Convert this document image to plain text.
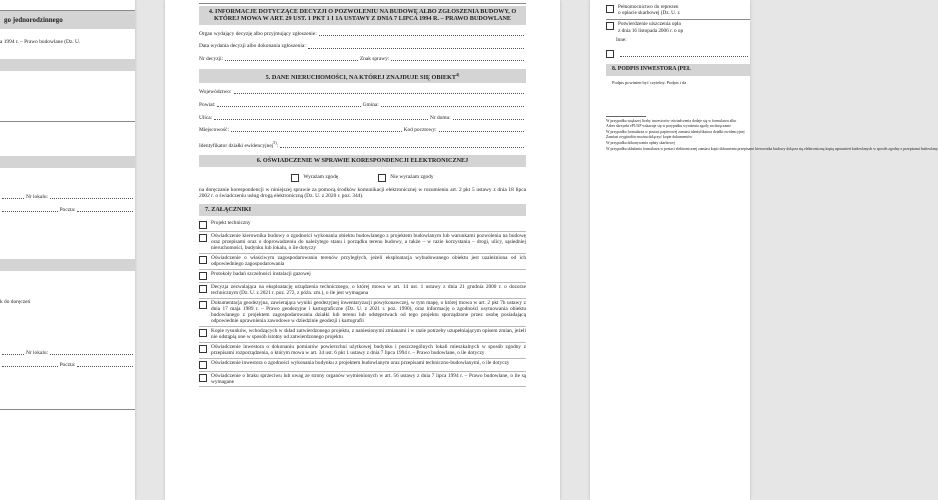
go jednorodzinnego
a 1994 r. – Prawo budowlane (Dz. U.
Nr lokalu:
Poczta:
k do doręczeń
Nr lokalu:
Poczta:
4. INFORMACJE DOTYCZĄCE DECYZJI O POZWOLENIU NA BUDOWĘ ALBO ZGŁOSZENIA BUDOWY, O KTÓREJ MOWA W ART. 29 UST. 1 PKT 1 I 1A USTAWY Z DNIA 7 LIPCA 1994 R. – PRAWO BUDOWLANE
Organ wydający decyzję albo przyjmujący zgłoszenie:
Data wydania decyzji albo dokonania zgłoszenia:
Nr decyzji:	Znak sprawy:
5. DANE NIERUCHOMOŚCI, NA KTÓREJ ZNAJDUJE SIĘ OBIEKT$^{4)}$
Województwo:
Powiat:	Gmina:
Ulica:	Nr domu:
Miejscowość:	Kod pocztowy:
Identyfikator działki ewidencyjnej$^{5)}$:
6. OŚWIADCZENIE W SPRAWIE KORESPONDENCJI ELEKTRONICZNEJ
Wyrażam zgodę	Nie wyrażam zgody
na doręczanie korespondencji w niniejszej sprawie za pomocą środków komunikacji elektronicznej w rozumieniu art. 2 pkt 5 ustawy z dnia 18 lipca 2002 r. o świadczeniu usług drogą elektroniczną (Dz. U. z 2020 r. poz. 344).
7. ZAŁĄCZNIKI
Projekt techniczny
Oświadczenie kierownika budowy o zgodności wykonania obiektu budowlanego z projektem budowlanym lub warunkami pozwolenia na budowę oraz przepisami oraz o doprowadzeniu do należytego stanu i porządku terenu budowy, a także – w razie korzystania – drogi, ulicy, sąsiedniej nieruchomości, budynku lub lokalu, o ile dotyczy
Oświadczenie o właściwym zagospodarowaniu terenów przyległych, jeżeli eksploatacja wybudowanego obiektu jest uzależniona od ich odpowiedniego zagospodarowania
Protokoły badań szczelności instalacji gazowej
Decyzja zezwalająca na eksploatację urządzenia technicznego, o której mowa w art. 14 ust. 1 ustawy z dnia 21 grudnia 2000 r. o dozorze technicznym (Dz. U. z 2021 r. poz. 272, z późn. zm.), o ile jest wymagana
Dokumentacja geodezyjna, zawierająca wyniki geodezyjnej inwentaryzacji powykonawczej, w tym mapę, o której mowa w art. 2 pkt 7b ustawy z dnia 17 maja 1989 r. – Prawo geodezyjne i kartograficzne (Dz. U. z 2021 r. poz. 1990), oraz informację o zgodności usytuowania obiektu budowlanego z projektem zagospodarowania działki lub terenu lub odstępstwach od tego projektu sporządzone przez osobę posiadającą odpowiednie uprawnienia zawodowe w dziedzinie geodezji i kartografii
Kopie rysunków, wchodzących w skład zatwierdzonego projektu, z naniesionymi zmianami i w razie potrzeby uzupełniającym opisem zmian, jeżeli nie odstąpią one w sposób istotny od zatwierdzonego projektu
Oświadczenie inwestora o dokonaniu pomiarów powierzchni użytkowej budynku i poszczególnych lokali mieszkalnych w sposób zgodny z przepisami rozporządzenia, o którym mowa w art. 34 ust. 6 pkt 1 ustawy z dnia 7 lipca 1994 r. – Prawo budowlane, o ile dotyczy
Oświadczenie inwestora o zgodności wykonania budynku z projektem budowlanym oraz przepisami techniczno-budowlanymi, o ile dotyczy
Oświadczenie o braku sprzeciwu lub uwag ze strony organów wymienionych w art. 56 ustawy z dnia 7 lipca 1994 r. – Prawo budowlane, o ile są wymagane
Pełnomocnictwo do reprezen
o opłacie skarbowej (Dz. U. z
Potwierdzenie uiszczenia opła
z dnia 16 listopada 2006 r. o op
Inne:
8. PODPIS INWESTORA (PEŁ
Podpis powinien być czytelny. Podpis i da
W przypadku większej liczby inwestorów oświadczenia dodaje się w formularzu albo
Adres skrzynki ePUAP wskazuje się w przypadku wyrażenia zgody na doręczanie
W przypadku formularza w postaci papierowej zamiast identyfikatora działki ewidencyjnej
Zamiast oryginałów można dołączyć kopie dokumentów
W przypadku dokonywania opłaty skarbowej
W przypadku składania formularza w postaci elektronicznej zamiast kopii dokumentu przepisami kierownika budowy dołącza się elektroniczną kopię uprawnień budowlanych w sposób zgodny z przepisami budowlany.
